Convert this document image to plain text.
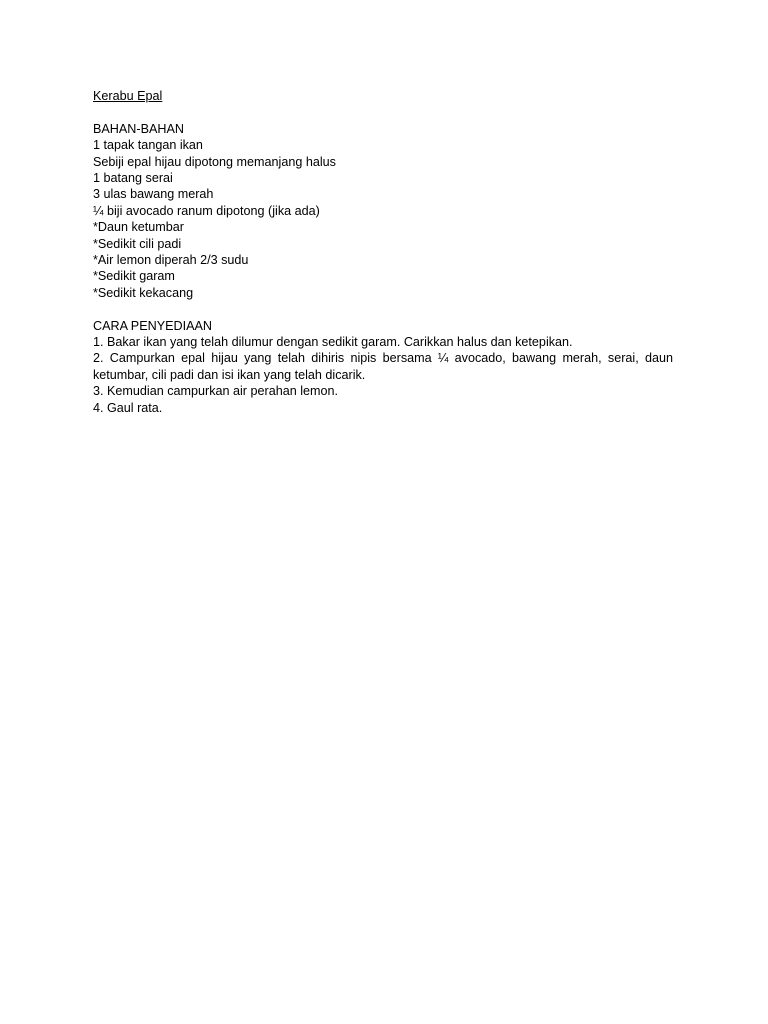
Kerabu Epal

BAHAN-BAHAN

1 tapak tangan ikan

Sebiji epal hijau dipotong memanjang halus

1 batang serai

3 ulas bawang merah

¼ biji avocado ranum dipotong (jika ada)

*Daun ketumbar

*Sedikit cili padi

*Air lemon diperah 2/3 sudu

*Sedikit garam

*Sedikit kekacang

CARA PENYEDIAAN

1. Bakar ikan yang telah dilumur dengan sedikit garam. Carikkan halus dan ketepikan.

2. Campurkan epal hijau yang telah dihiris nipis bersama ¼ avocado, bawang merah, serai, daun ketumbar, cili padi dan isi ikan yang telah dicarik.

3. Kemudian campurkan air perahan lemon.

4. Gaul rata.
